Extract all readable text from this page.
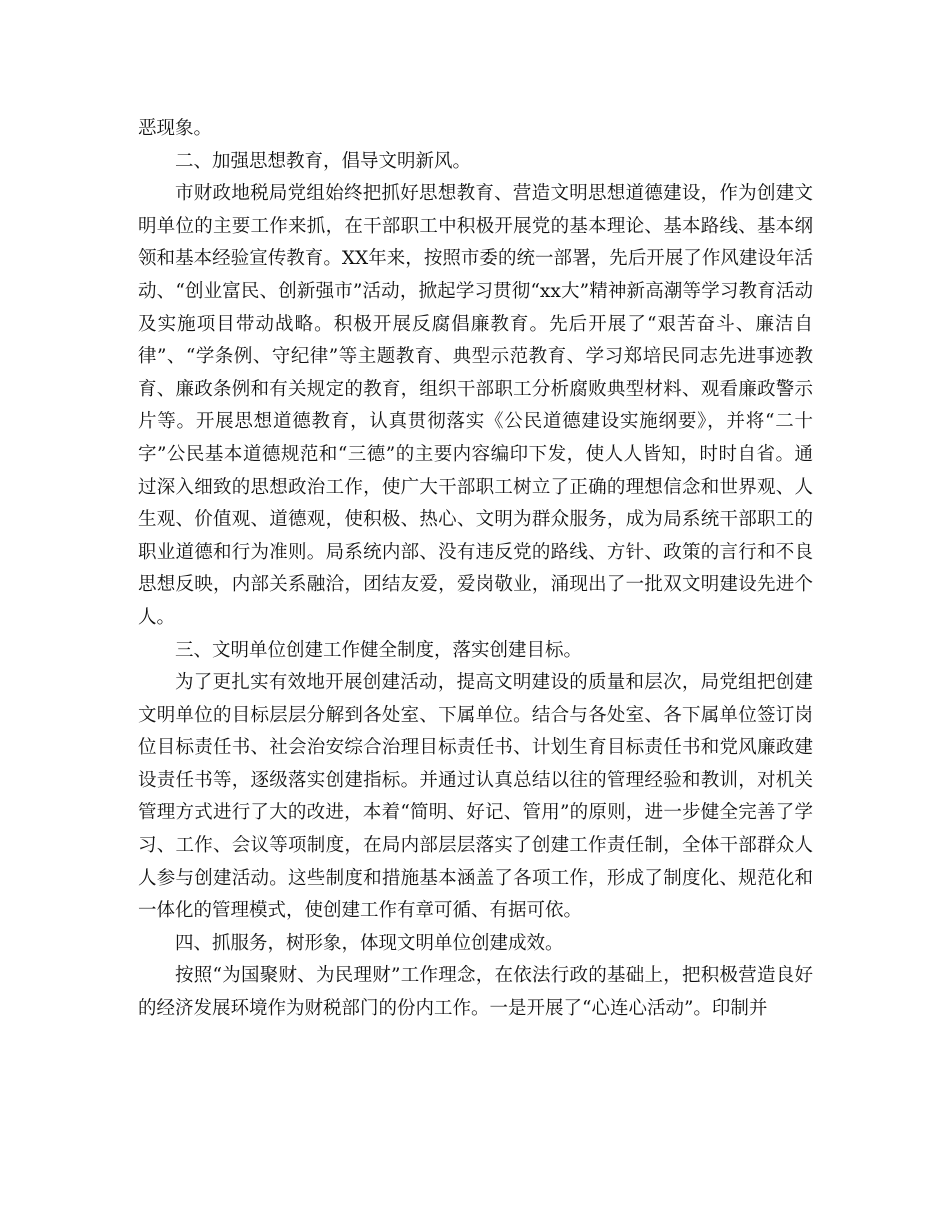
恶现象。

二、加强思想教育，倡导文明新风。

市财政地税局党组始终把抓好思想教育、营造文明思想道德建设，作为创建文明单位的主要工作来抓，在干部职工中积极开展党的基本理论、基本路线、基本纲领和基本经验宣传教育。XX年来，按照市委的统一部署，先后开展了作风建设年活动、“创业富民、创新强市”活动，掀起学习贯彻“xx大”精神新高潮等学习教育活动及实施项目带动战略。积极开展反腐倡廉教育。先后开展了“艰苦奋斗、廉洁自律”、“学条例、守纪律”等主题教育、典型示范教育、学习郑培民同志先进事迹教育、廉政条例和有关规定的教育，组织干部职工分析腐败典型材料、观看廉政警示片等。开展思想道德教育，认真贯彻落实《公民道德建设实施纲要》，并将“二十字”公民基本道德规范和“三德”的主要内容编印下发，使人人皆知，时时自省。通过深入细致的思想政治工作，使广大干部职工树立了正确的理想信念和世界观、人生观、价值观、道德观，使积极、热心、文明为群众服务，成为局系统干部职工的职业道德和行为准则。局系统内部、没有违反党的路线、方针、政策的言行和不良思想反映，内部关系融洽，团结友爱，爱岗敬业，涌现出了一批双文明建设先进个人。

三、文明单位创建工作健全制度，落实创建目标。

为了更扎实有效地开展创建活动，提高文明建设的质量和层次，局党组把创建文明单位的目标层层分解到各处室、下属单位。结合与各处室、各下属单位签订岗位目标责任书、社会治安综合治理目标责任书、计划生育目标责任书和党风廉政建设责任书等，逐级落实创建指标。并通过认真总结以往的管理经验和教训，对机关管理方式进行了大的改进，本着“简明、好记、管用”的原则，进一步健全完善了学习、工作、会议等项制度，在局内部层层落实了创建工作责任制，全体干部群众人人参与创建活动。这些制度和措施基本涵盖了各项工作，形成了制度化、规范化和一体化的管理模式，使创建工作有章可循、有据可依。

四、抓服务，树形象，体现文明单位创建成效。

按照“为国聚财、为民理财”工作理念，在依法行政的基础上，把积极营造良好的经济发展环境作为财税部门的份内工作。一是开展了“心连心活动”。印制并
